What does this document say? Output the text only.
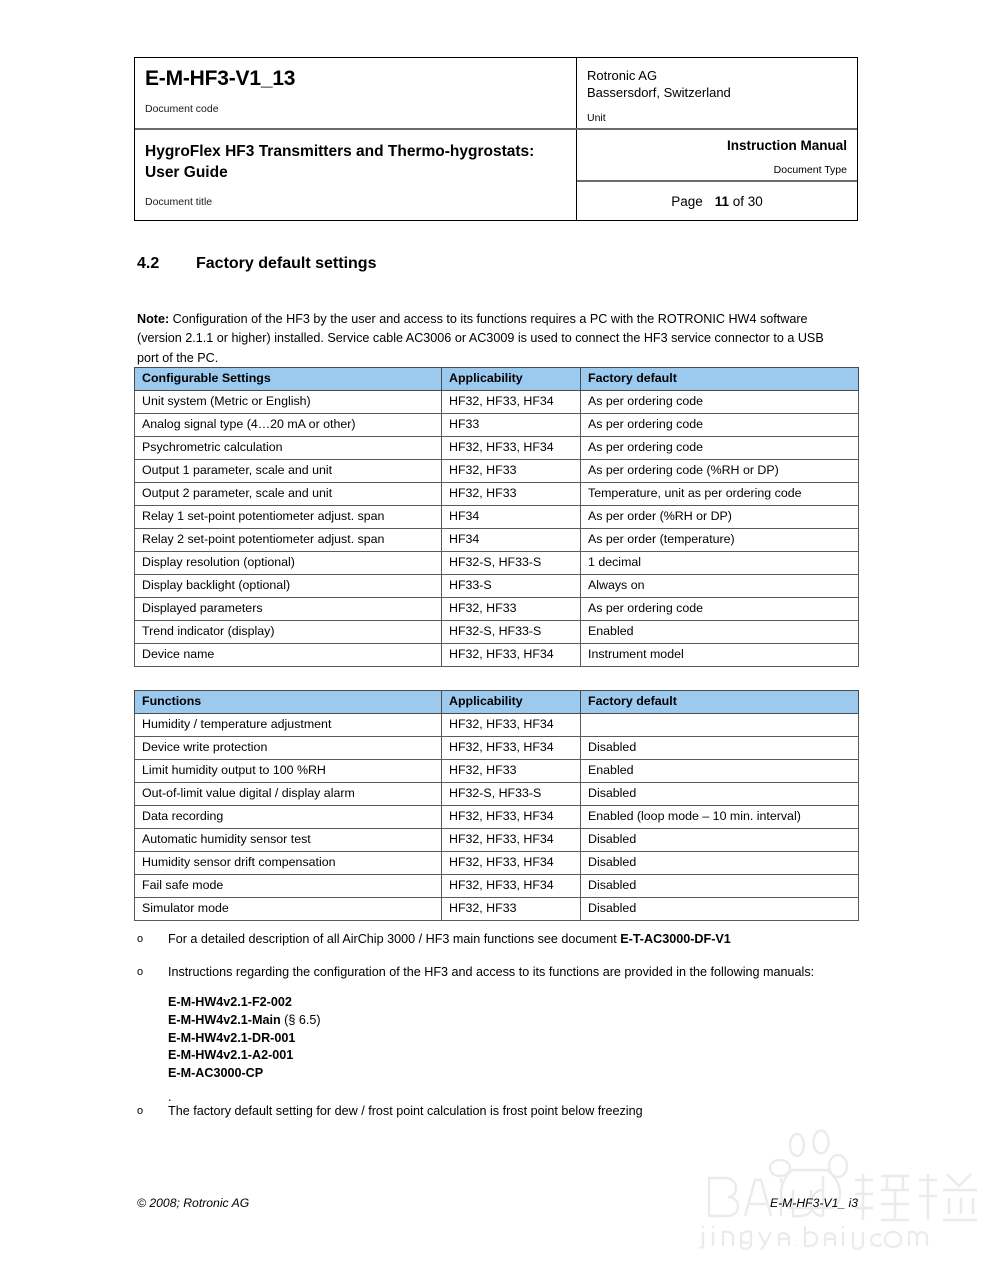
E-M-HF3-V1_13
Document code
Rotronic AG
Bassersdorf, Switzerland
Unit
HygroFlex HF3 Transmitters and Thermo-hygrostats: User Guide
Document title
Instruction Manual
Document Type
Page 11 of 30
4.2 Factory default settings

Note: Configuration of the HF3 by the user and access to its functions requires a PC with the ROTRONIC HW4 software (version 2.1.1 or higher) installed. Service cable AC3006 or AC3009 is used to connect the HF3 service connector to a USB port of the PC.

Configurable Settings	Applicability	Factory default
Unit system (Metric or English)	HF32, HF33, HF34	As per ordering code
Analog signal type (4…20 mA or other)	HF33	As per ordering code
Psychrometric calculation	HF32, HF33, HF34	As per ordering code
Output 1 parameter, scale and unit	HF32, HF33	As per ordering code (%RH or DP)
Output 2 parameter, scale and unit	HF32, HF33	Temperature, unit as per ordering code
Relay 1 set-point potentiometer adjust. span	HF34	As per order (%RH or DP)
Relay 2 set-point potentiometer adjust. span	HF34	As per order (temperature)
Display resolution (optional)	HF32-S, HF33-S	1 decimal
Display backlight (optional)	HF33-S	Always on
Displayed parameters	HF32, HF33	As per ordering code
Trend indicator (display)	HF32-S, HF33-S	Enabled
Device name	HF32, HF33, HF34	Instrument model
Functions	Applicability	Factory default
Humidity / temperature adjustment	HF32, HF33, HF34	
Device write protection	HF32, HF33, HF34	Disabled
Limit humidity output to 100 %RH	HF32, HF33	Enabled
Out-of-limit value digital / display alarm	HF32-S, HF33-S	Disabled
Data recording	HF32, HF33, HF34	Enabled (loop mode – 10 min. interval)
Automatic humidity sensor test	HF32, HF33, HF34	Disabled
Humidity sensor drift compensation	HF32, HF33, HF34	Disabled
Fail safe mode	HF32, HF33, HF34	Disabled
Simulator mode	HF32, HF33	Disabled
o	For a detailed description of all AirChip 3000 / HF3 main functions see document E-T-AC3000-DF-V1
o	Instructions regarding the configuration of the HF3 and access to its functions are provided in the following manuals:
E-M-HW4v2.1-F2-002
E-M-HW4v2.1-Main (§ 6.5)
E-M-HW4v2.1-DR-001
E-M-HW4v2.1-A2-001
E-M-AC3000-CP
.
o	The factory default setting for dew / frost point calculation is frost point below freezing
© 2008; Rotronic AG	E-M-HF3-V1_ i3
